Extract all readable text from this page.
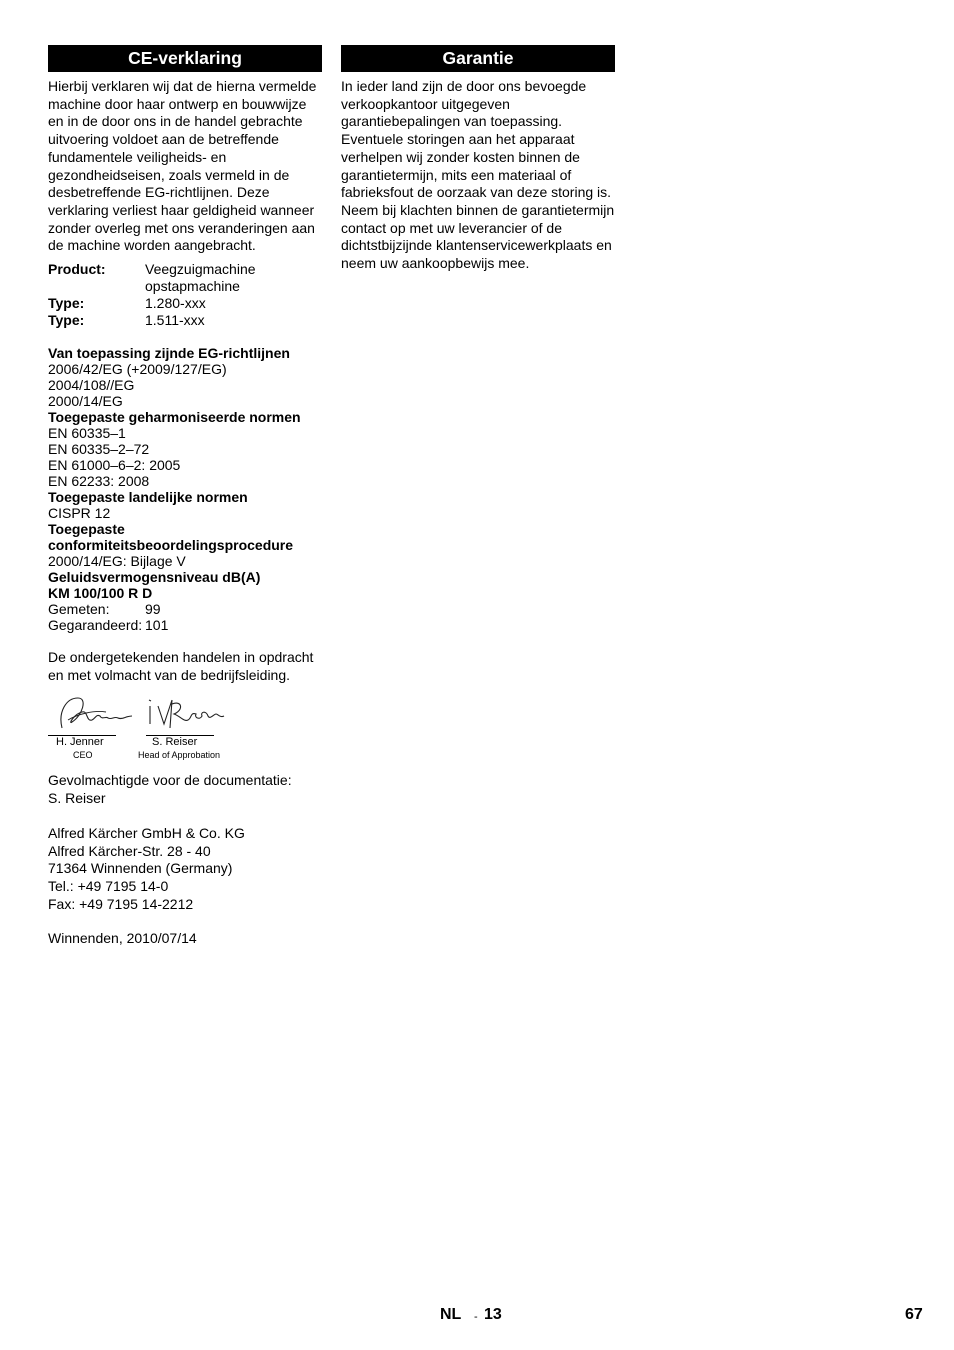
CE-verklaring

Hierbij verklaren wij dat de hierna vermelde machine door haar ontwerp en bouwwijze en in de door ons in de handel gebrachte uitvoering voldoet aan de betreffende fundamentele veiligheids- en gezondheidseisen, zoals vermeld in de desbetreffende EG-richtlijnen. Deze verklaring verliest haar geldigheid wanneer zonder overleg met ons veranderingen aan de machine worden aangebracht.

Product:	Veegzuigmachine opstapmachine
Type:	1.280-xxx
Type:	1.511-xxx
Van toepassing zijnde EG-richtlijnen
2006/42/EG (+2009/127/EG)
2004/108//EG
2000/14/EG
Toegepaste geharmoniseerde normen
EN 60335–1
EN 60335–2–72
EN 61000–6–2: 2005
EN 62233: 2008
Toegepaste landelijke normen
CISPR 12
Toegepaste conformiteitsbeoordelingsprocedure
2000/14/EG: Bijlage V
Geluidsvermogensniveau dB(A)
KM 100/100 R D
Gemeten:	99
Gegarandeerd:	101

De ondergetekenden handelen in opdracht en met volmacht van de bedrijfsleiding.

H. Jenner
CEO
S. Reiser
Head of Approbation

Gevolmachtigde voor de documentatie:

S. Reiser

Alfred Kärcher GmbH & Co. KG

Alfred Kärcher-Str. 28 - 40

71364 Winnenden (Germany)

Tel.: +49 7195 14-0

Fax: +49 7195 14-2212

Winnenden, 2010/07/14

Garantie

In ieder land zijn de door ons bevoegde verkoopkantoor uitgegeven garantiebepalingen van toepassing. Eventuele storingen aan het apparaat verhelpen wij zonder kosten binnen de garantietermijn, mits een materiaal of fabrieksfout de oorzaak van deze storing is. Neem bij klachten binnen de garantietermijn contact op met uw leverancier of de dichtstbijzijnde klantenservicewerkplaats en neem uw aankoopbewijs mee.

NL - 13	67
